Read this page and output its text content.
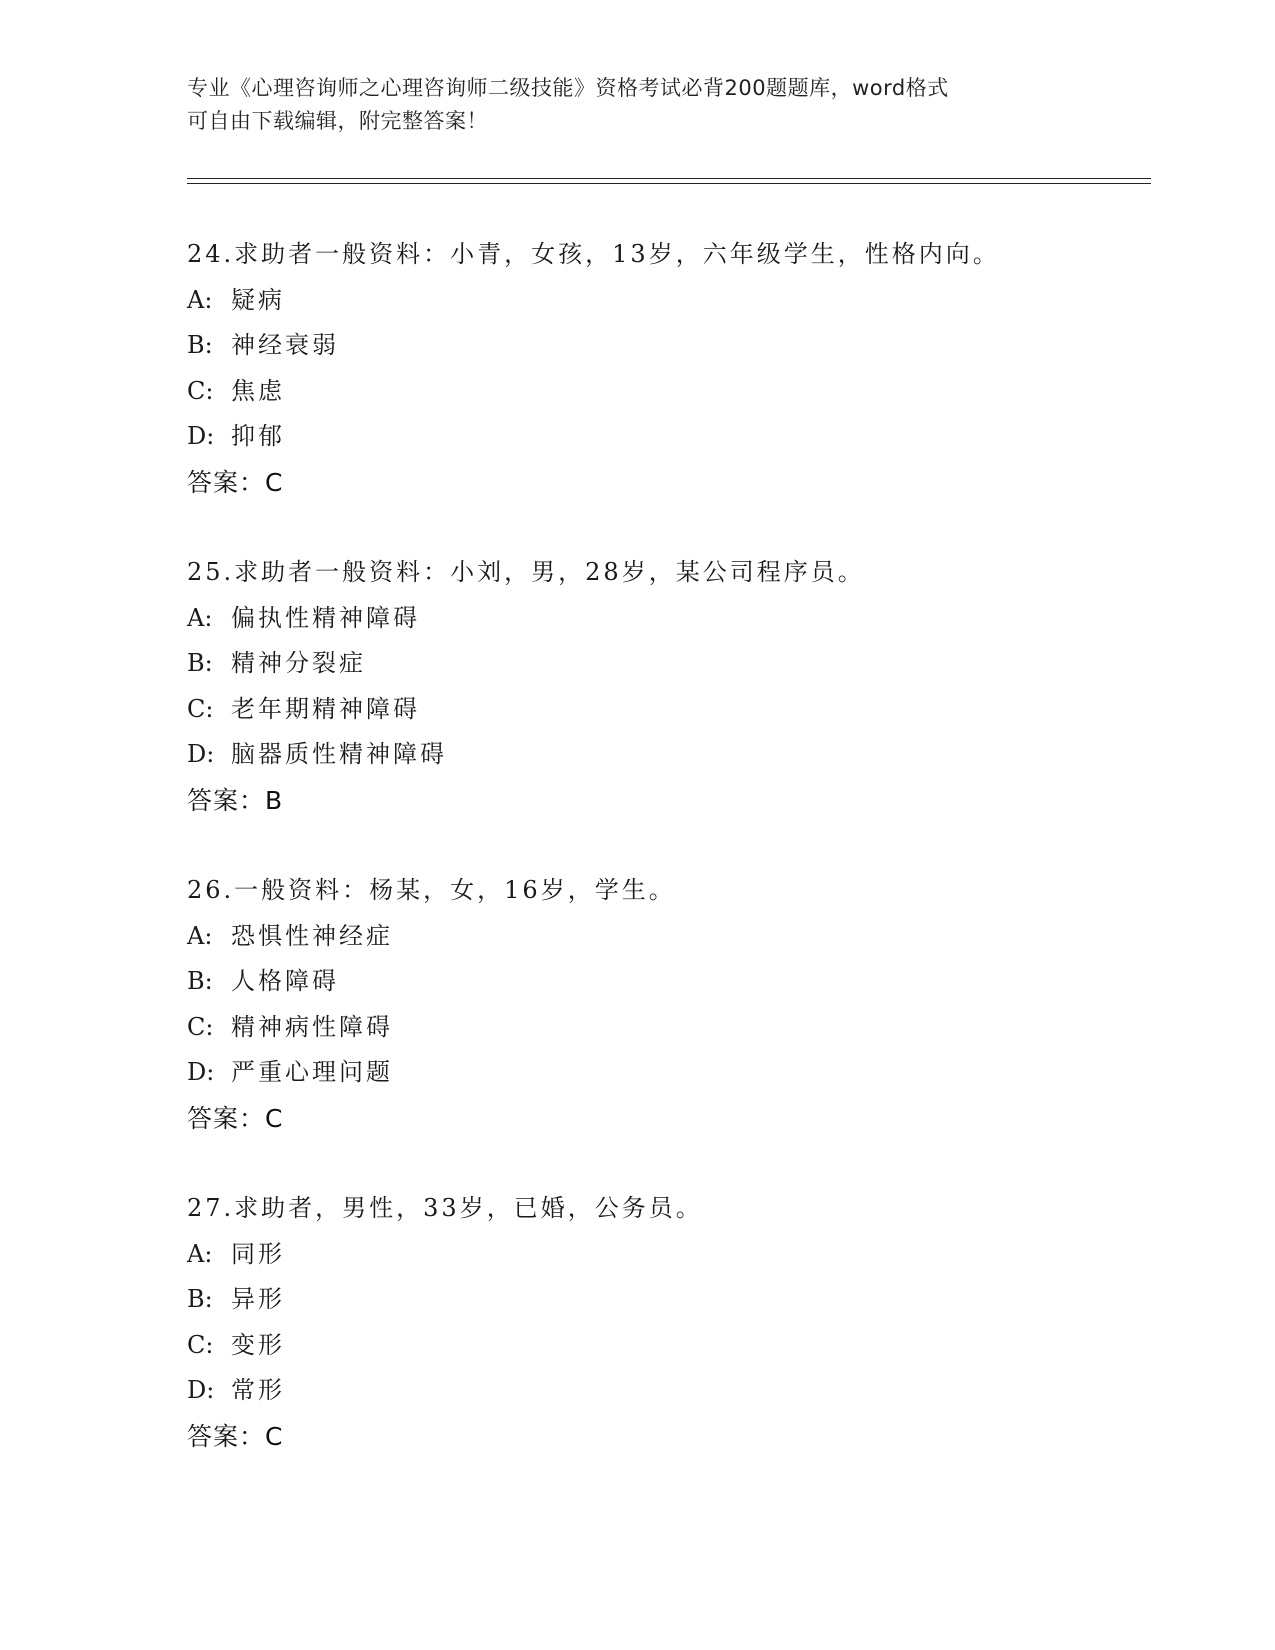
专业《心理咨询师之心理咨询师二级技能》资格考试必背200题题库，word格式
可自由下载编辑，附完整答案！
24.求助者一般资料：小青，女孩，13岁，六年级学生，性格内向。
A: 疑病
B: 神经衰弱
C: 焦虑
D: 抑郁
答案：C
25.求助者一般资料：小刘，男，28岁，某公司程序员。
A: 偏执性精神障碍
B: 精神分裂症
C: 老年期精神障碍
D: 脑器质性精神障碍
答案：B
26.一般资料：杨某，女，16岁，学生。
A: 恐惧性神经症
B: 人格障碍
C: 精神病性障碍
D: 严重心理问题
答案：C
27.求助者，男性，33岁，已婚，公务员。
A: 同形
B: 异形
C: 变形
D: 常形
答案：C
